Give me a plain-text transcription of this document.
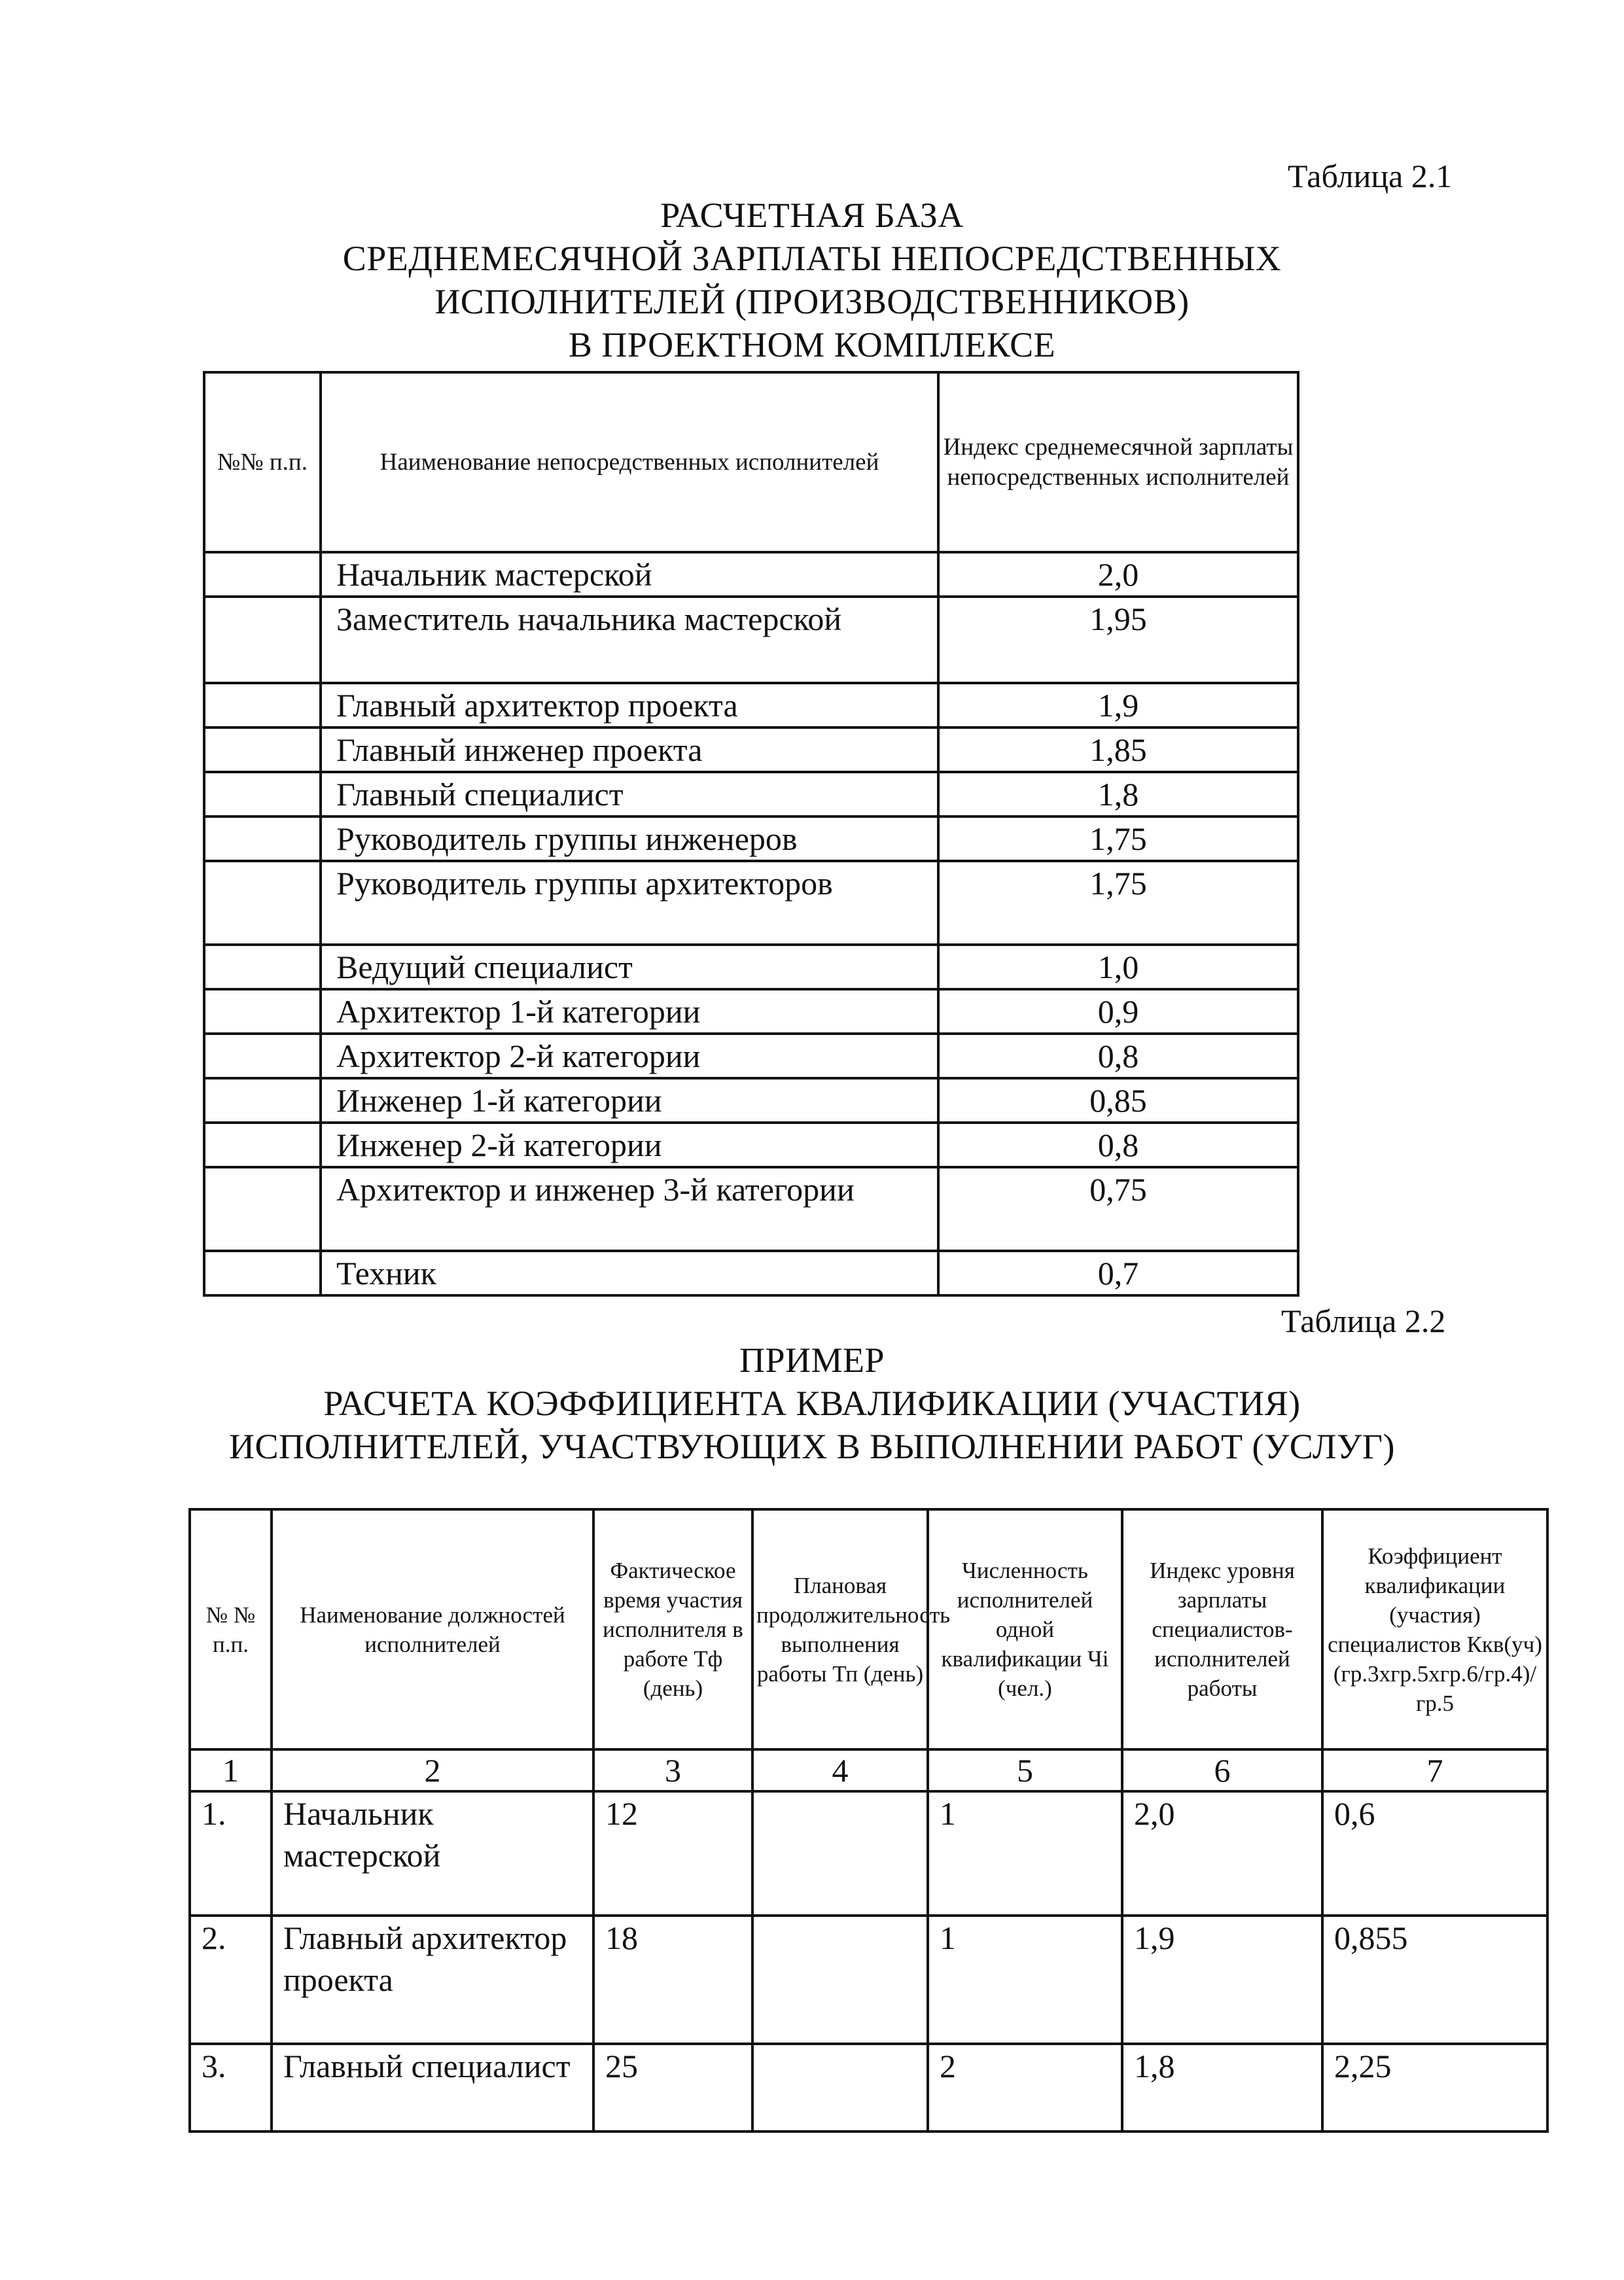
Таблица 2.1
РАСЧЕТНАЯ БАЗА
СРЕДНЕМЕСЯЧНОЙ ЗАРПЛАТЫ НЕПОСРЕДСТВЕННЫХ
ИСПОЛНИТЕЛЕЙ (ПРОИЗВОДСТВЕННИКОВ)
В ПРОЕКТНОМ КОМПЛЕКСЕ
№№ п.п.	Наименование непосредственных исполнителей	Индекс среднемесячной зарплаты непосредственных исполнителей
	Начальник мастерской	2,0
	Заместитель начальника мастерской	1,95
	Главный архитектор проекта	1,9
	Главный инженер проекта	1,85
	Главный специалист	1,8
	Руководитель группы инженеров	1,75
	Руководитель группы архитекторов	1,75
	Ведущий специалист	1,0
	Архитектор 1-й категории	0,9
	Архитектор 2-й категории	0,8
	Инженер 1-й категории	0,85
	Инженер 2-й категории	0,8
	Архитектор и инженер 3-й категории	0,75
	Техник	0,7
Таблица 2.2
ПРИМЕР
РАСЧЕТА КОЭФФИЦИЕНТА КВАЛИФИКАЦИИ (УЧАСТИЯ)
ИСПОЛНИТЕЛЕЙ, УЧАСТВУЮЩИХ В ВЫПОЛНЕНИИ РАБОТ (УСЛУГ)
№ № п.п.	Наименование должностей исполнителей	Фактическое время участия исполнителя в работе Тф (день)	Плановая продолжительность выполнения работы Тп (день)	Численность исполнителей одной квалификации Чi (чел.)	Индекс уровня зарплаты специалистов-исполнителей работы	Коэффициент квалификации (участия) специалистов Ккв(уч) (гр.3хгр.5хгр.6/гр.4)/гр.5
1	2	3	4	5	6	7
1.	Начальник мастерской	12		1	2,0	0,6
2.	Главный архитектор проекта	18		1	1,9	0,855
3.	Главный специалист	25		2	1,8	2,25
